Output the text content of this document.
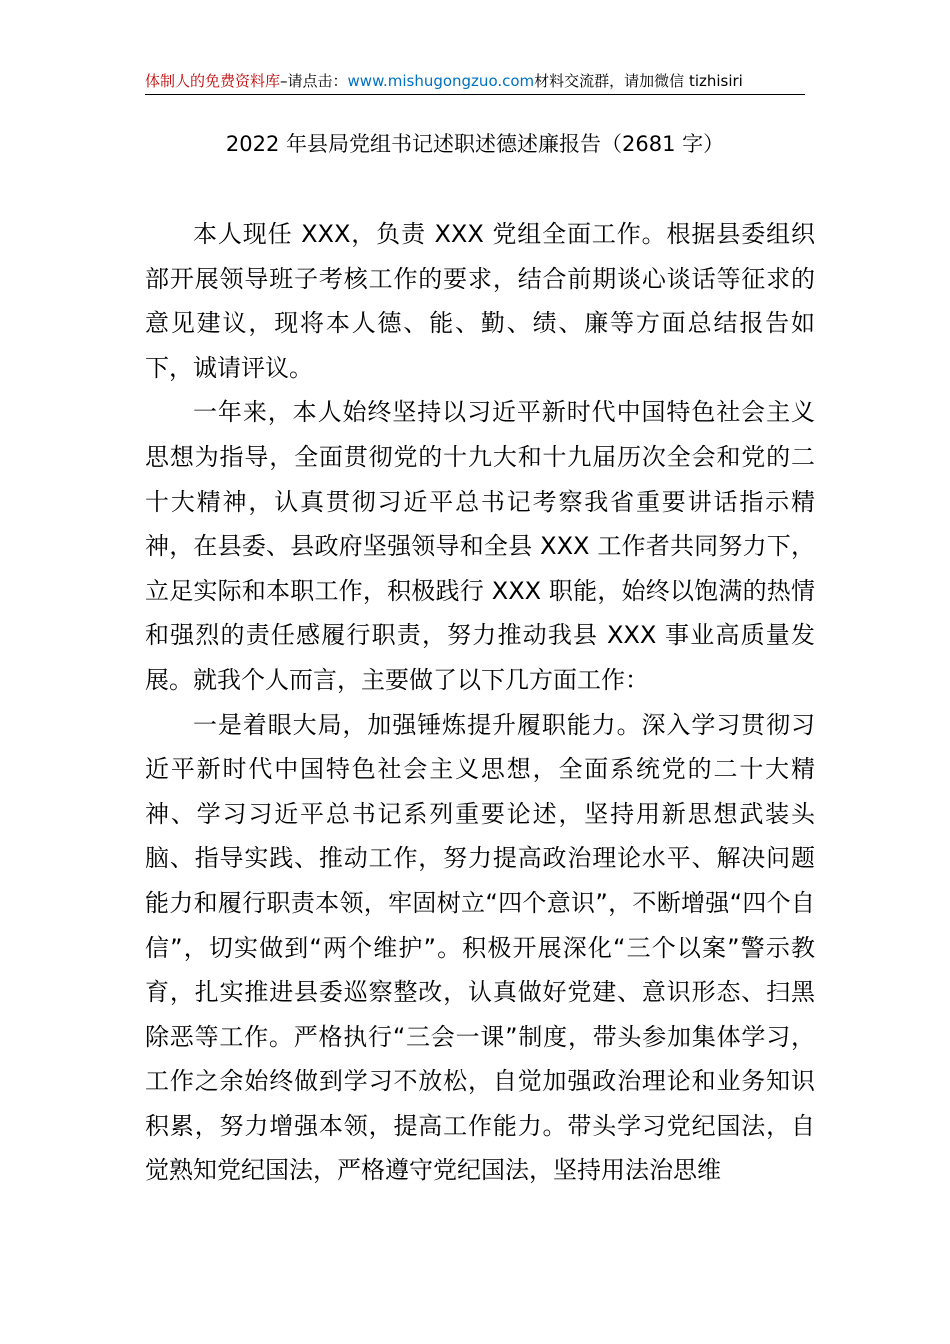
体制人的免费资料库–请点击：www.mishugongzuo.com材料交流群，请加微信 tizhisiri
2022 年县局党组书记述职述德述廉报告（2681 字）

本人现任 XXX，负责 XXX 党组全面工作。根据县委组织部开展领导班子考核工作的要求，结合前期谈心谈话等征求的意见建议，现将本人德、能、勤、绩、廉等方面总结报告如下，诚请评议。

一年来，本人始终坚持以习近平新时代中国特色社会主义思想为指导，全面贯彻党的十九大和十九届历次全会和党的二十大精神，认真贯彻习近平总书记考察我省重要讲话指示精神，在县委、县政府坚强领导和全县 XXX 工作者共同努力下，立足实际和本职工作，积极践行 XXX 职能，始终以饱满的热情和强烈的责任感履行职责，努力推动我县 XXX 事业高质量发展。就我个人而言，主要做了以下几方面工作：

一是着眼大局，加强锤炼提升履职能力。深入学习贯彻习近平新时代中国特色社会主义思想，全面系统党的二十大精神、学习习近平总书记系列重要论述，坚持用新思想武装头脑、指导实践、推动工作，努力提高政治理论水平、解决问题能力和履行职责本领，牢固树立“四个意识”，不断增强“四个自信”，切实做到“两个维护”。积极开展深化“三个以案”警示教育，扎实推进县委巡察整改，认真做好党建、意识形态、扫黑除恶等工作。严格执行“三会一课”制度，带头参加集体学习，工作之余始终做到学习不放松，自觉加强政治理论和业务知识积累，努力增强本领，提高工作能力。带头学习党纪国法，自觉熟知党纪国法，严格遵守党纪国法，坚持用法治思维
